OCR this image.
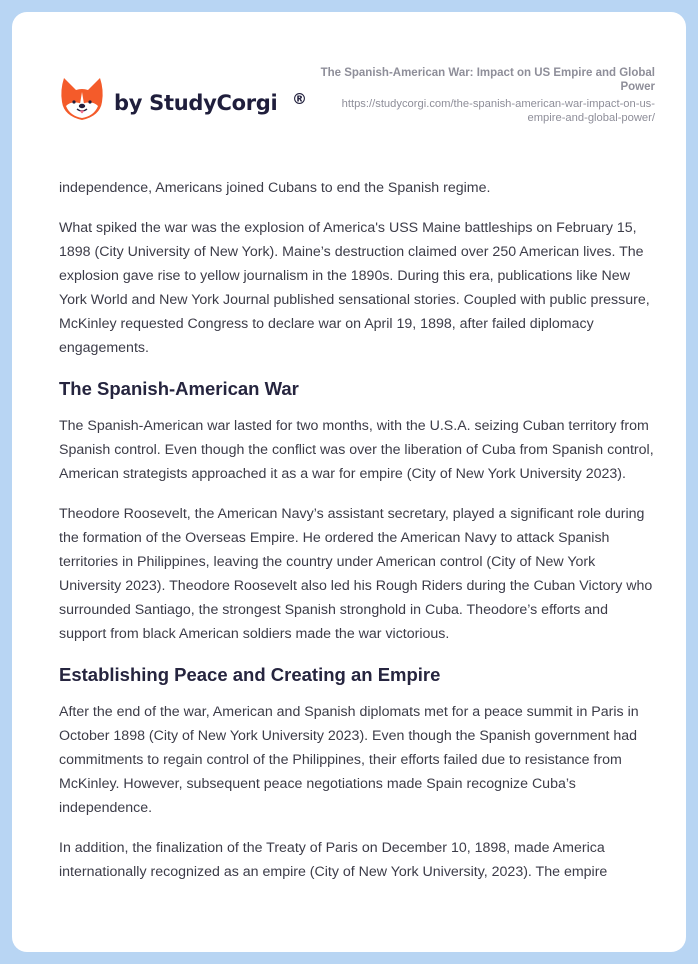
by StudyCorgi ®
The Spanish-American War: Impact on US Empire and Global Power
https://studycorgi.com/the-spanish-american-war-impact-on-us-empire-and-global-power/

independence, Americans joined Cubans to end the Spanish regime.

What spiked the war was the explosion of America's USS Maine battleships on February 15, 1898 (City University of New York). Maine’s destruction claimed over 250 American lives. The explosion gave rise to yellow journalism in the 1890s. During this era, publications like New York World and New York Journal published sensational stories. Coupled with public pressure, McKinley requested Congress to declare war on April 19, 1898, after failed diplomacy engagements.

The Spanish-American War

The Spanish-American war lasted for two months, with the U.S.A. seizing Cuban territory from Spanish control. Even though the conflict was over the liberation of Cuba from Spanish control, American strategists approached it as a war for empire (City of New York University 2023).

Theodore Roosevelt, the American Navy’s assistant secretary, played a significant role during the formation of the Overseas Empire. He ordered the American Navy to attack Spanish territories in Philippines, leaving the country under American control (City of New York University 2023). Theodore Roosevelt also led his Rough Riders during the Cuban Victory who surrounded Santiago, the strongest Spanish stronghold in Cuba. Theodore’s efforts and support from black American soldiers made the war victorious.

Establishing Peace and Creating an Empire

After the end of the war, American and Spanish diplomats met for a peace summit in Paris in October 1898 (City of New York University 2023). Even though the Spanish government had commitments to regain control of the Philippines, their efforts failed due to resistance from McKinley. However, subsequent peace negotiations made Spain recognize Cuba’s independence.

In addition, the finalization of the Treaty of Paris on December 10, 1898, made America internationally recognized as an empire (City of New York University, 2023). The empire
